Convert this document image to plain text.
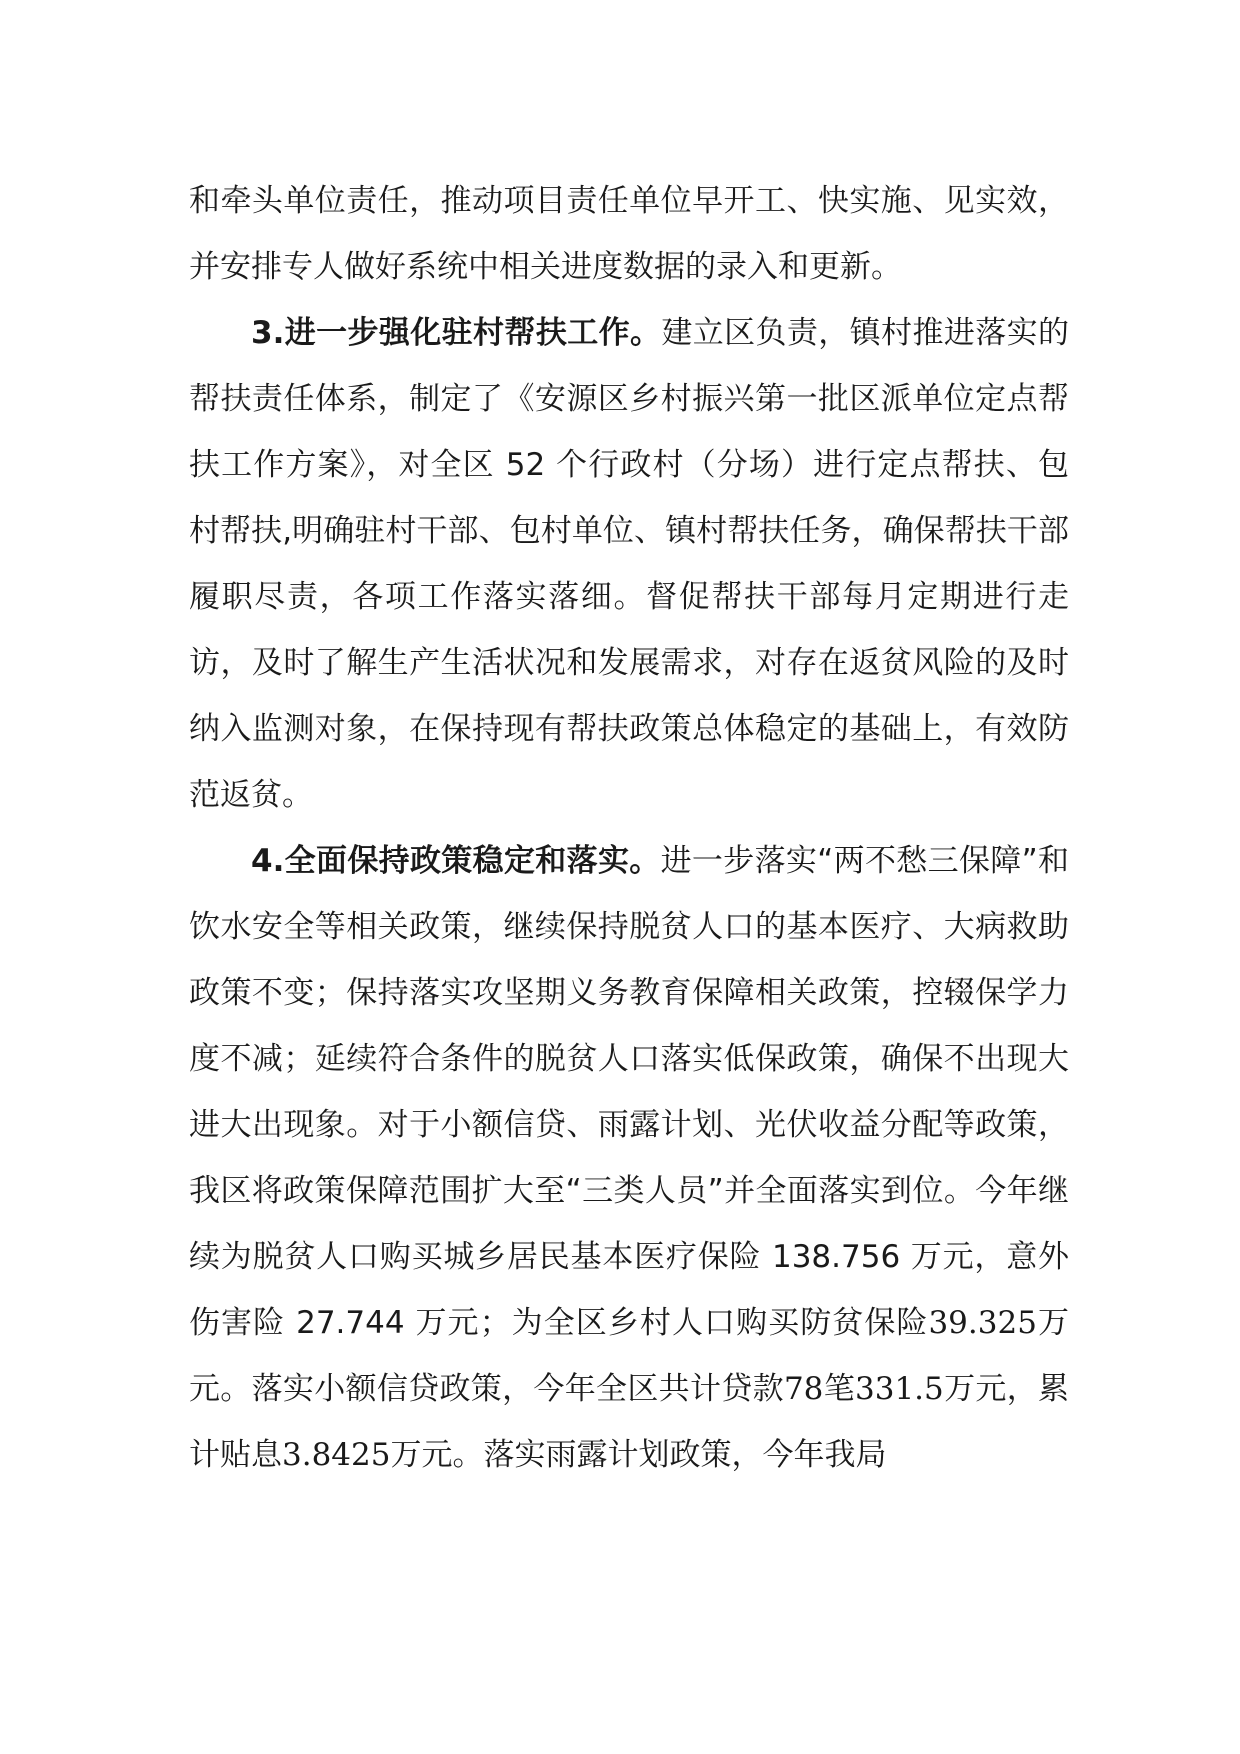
和牵头单位责任，推动项目责任单位早开工、快实施、见实效，并安排专人做好系统中相关进度数据的录入和更新。

3.进一步强化驻村帮扶工作。建立区负责，镇村推进落实的帮扶责任体系，制定了《安源区乡村振兴第一批区派单位定点帮扶工作方案》，对全区 52 个行政村（分场）进行定点帮扶、包村帮扶,明确驻村干部、包村单位、镇村帮扶任务，确保帮扶干部履职尽责，各项工作落实落细。督促帮扶干部每月定期进行走访，及时了解生产生活状况和发展需求，对存在返贫风险的及时纳入监测对象，在保持现有帮扶政策总体稳定的基础上，有效防范返贫。

4.全面保持政策稳定和落实。进一步落实“两不愁三保障”和饮水安全等相关政策，继续保持脱贫人口的基本医疗、大病救助政策不变；保持落实攻坚期义务教育保障相关政策，控辍保学力度不减；延续符合条件的脱贫人口落实低保政策，确保不出现大进大出现象。对于小额信贷、雨露计划、光伏收益分配等政策，我区将政策保障范围扩大至“三类人员”并全面落实到位。今年继续为脱贫人口购买城乡居民基本医疗保险 138.756 万元，意外伤害险 27.744 万元；为全区乡村人口购买防贫保险39.325万元。落实小额信贷政策，今年全区共计贷款78笔331.5万元，累计贴息3.8425万元。落实雨露计划政策，今年我局
